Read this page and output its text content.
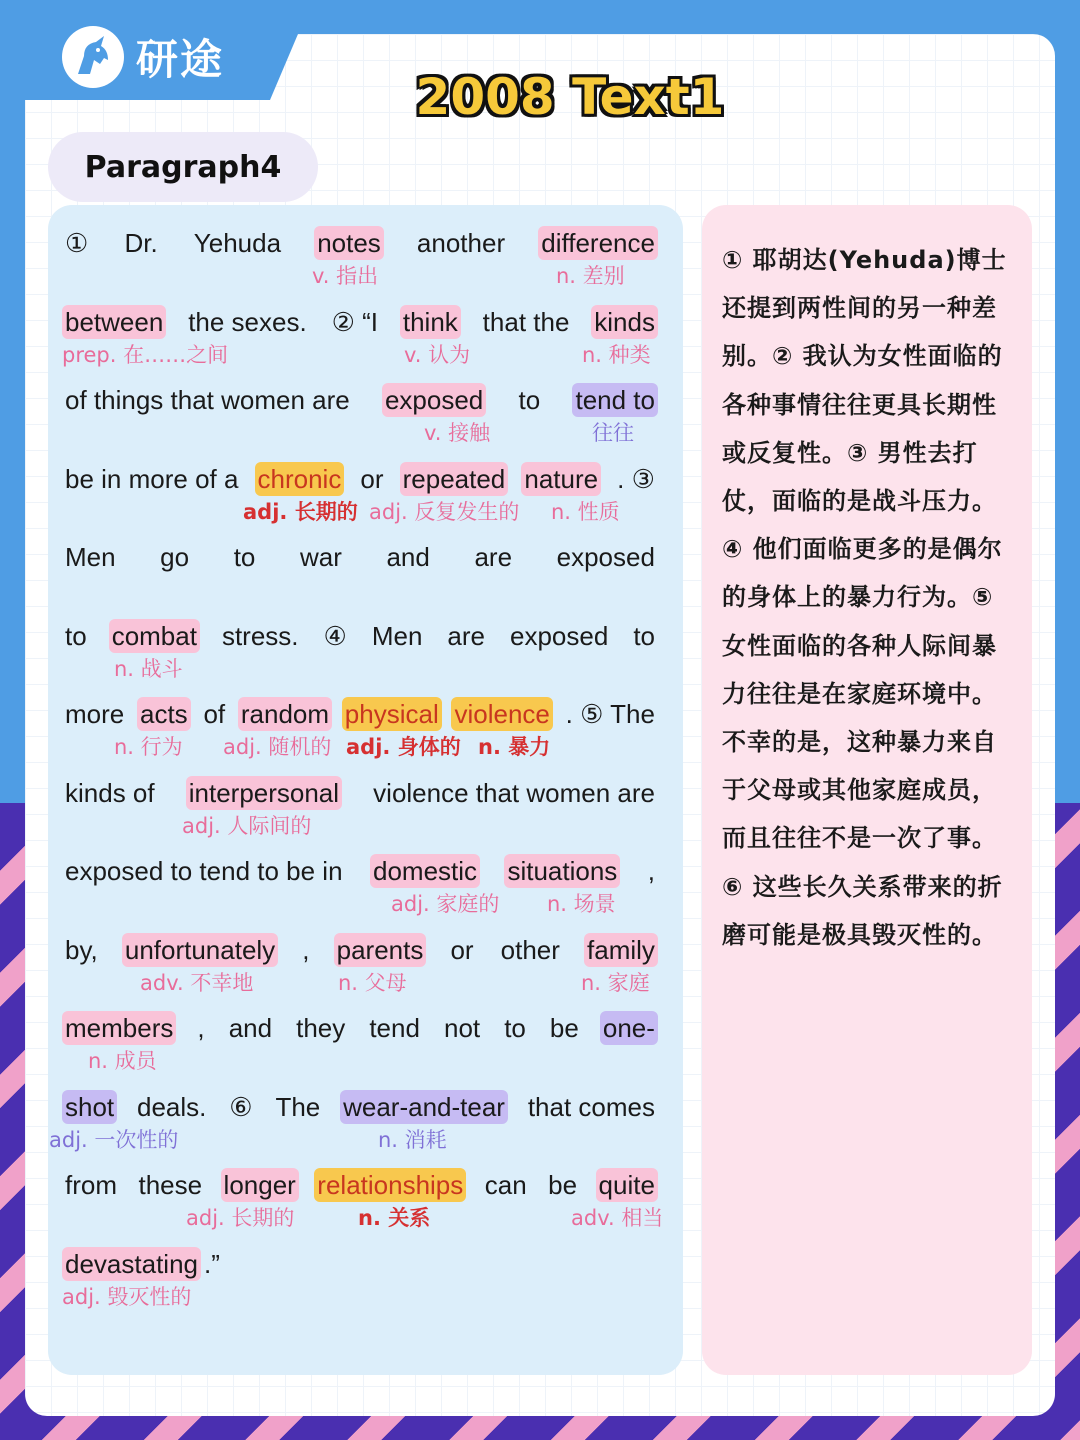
研途
2008 Text1
Paragraph4
① Dr. Yehuda notes another difference
between the sexes. ② “I think that the kinds
of things that women are exposed to tend to
be in more of a chronic or repeated nature . ③
Men go to war and are exposed
to combat stress. ④ Men are exposed to
more acts of random physical violence . ⑤ The
kinds of interpersonal violence that women are
exposed to tend to be in domestic situations ,
by, unfortunately , parents or other family
members , and they tend not to be one-
shot deals. ⑥ The wear-and-tear that comes
from these longer relationships can be quite
devastating .”
v. 指出	n. 差别
prep. 在……之间	v. 认为	n. 种类
v. 接触	往往
adj. 长期的 adj. 反复发生的 n. 性质
n. 战斗
n. 行为 adj. 随机的 adj. 身体的 n. 暴力
adj. 人际间的
adj. 家庭的 n. 场景
adv. 不幸地	n. 父母	n. 家庭
n. 成员
adj. 一次性的	n. 消耗
adj. 长期的	n. 关系	adv. 相当
adj. 毁灭性的
① 耶胡达(Yehuda)博士还提到两性间的另一种差别。② 我认为女性面临的各种事情往往更具长期性或反复性。③ 男性去打仗，面临的是战斗压力。④ 他们面临更多的是偶尔的身体上的暴力行为。⑤ 女性面临的各种人际间暴力往往是在家庭环境中。不幸的是，这种暴力来自于父母或其他家庭成员，而且往往不是一次了事。⑥ 这些长久关系带来的折磨可能是极具毁灭性的。
